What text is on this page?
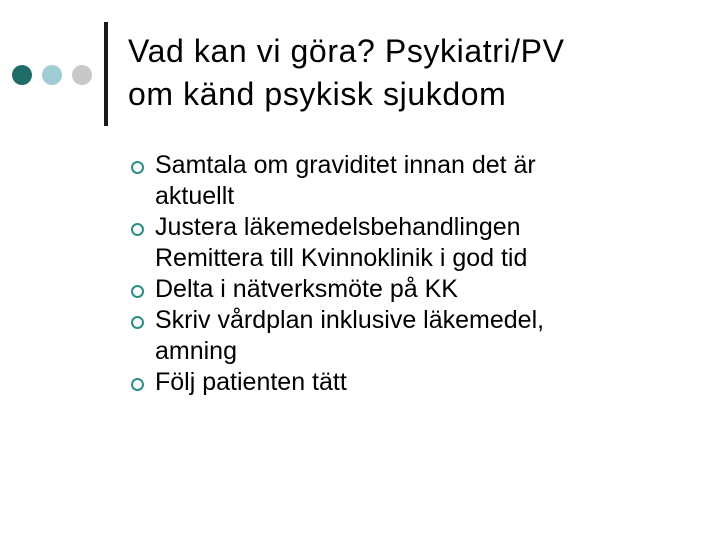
Vad kan vi göra? Psykiatri/PV
om känd psykisk sjukdom
Samtala om graviditet innan det är
aktuellt
Justera läkemedelsbehandlingen
Remittera till Kvinnoklinik i god tid
Delta i nätverksmöte på KK
Skriv vårdplan inklusive läkemedel,
amning
Följ patienten tätt
